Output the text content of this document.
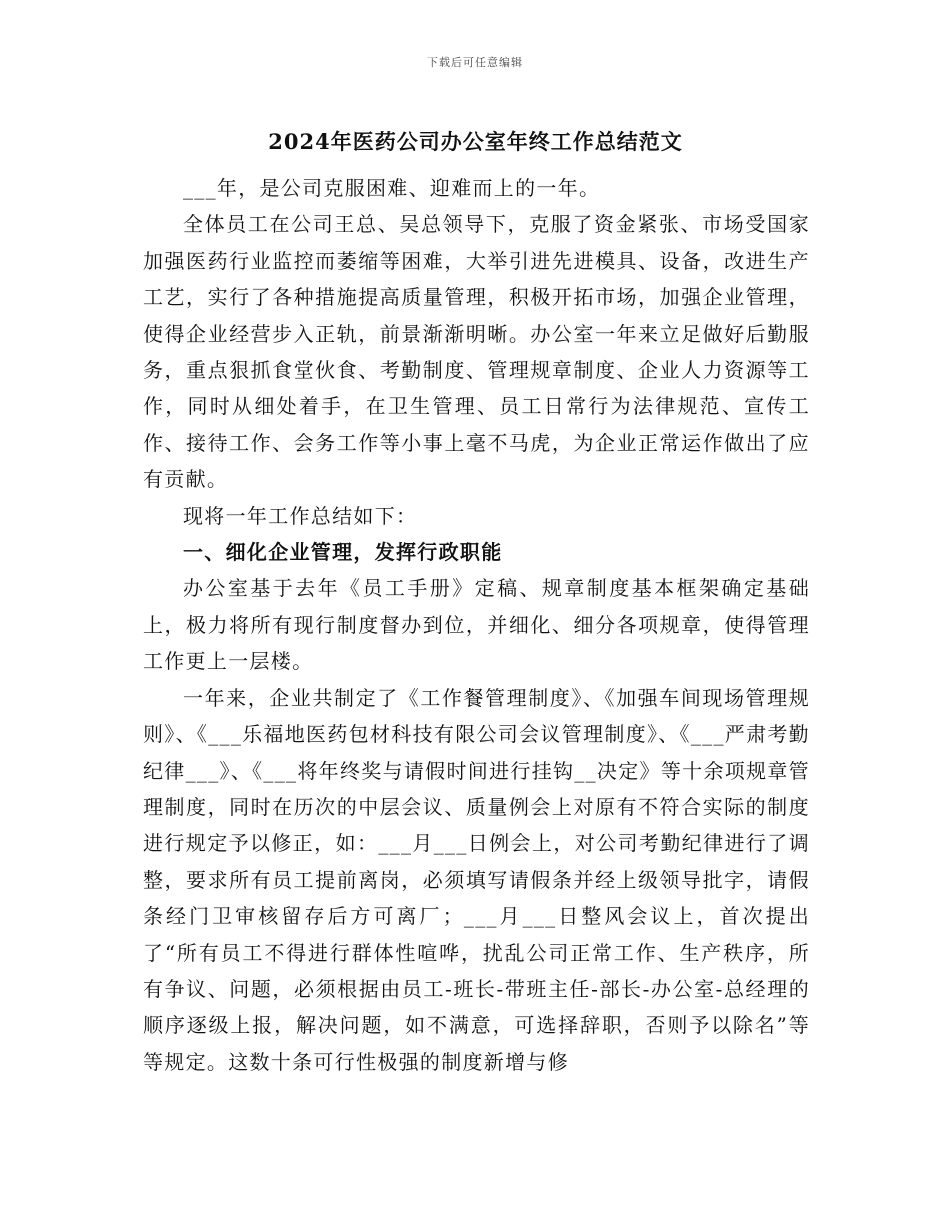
下载后可任意编辑
2024年医药公司办公室年终工作总结范文

___年，是公司克服困难、迎难而上的一年。

全体员工在公司王总、吴总领导下，克服了资金紧张、市场受国家加强医药行业监控而萎缩等困难，大举引进先进模具、设备，改进生产工艺，实行了各种措施提高质量管理，积极开拓市场，加强企业管理，使得企业经营步入正轨，前景渐渐明晰。办公室一年来立足做好后勤服务，重点狠抓食堂伙食、考勤制度、管理规章制度、企业人力资源等工作，同时从细处着手，在卫生管理、员工日常行为法律规范、宣传工作、接待工作、会务工作等小事上毫不马虎，为企业正常运作做出了应有贡献。

现将一年工作总结如下：

一、细化企业管理，发挥行政职能

办公室基于去年《员工手册》定稿、规章制度基本框架确定基础上，极力将所有现行制度督办到位，并细化、细分各项规章，使得管理工作更上一层楼。

一年来，企业共制定了《工作餐管理制度》、《加强车间现场管理规则》、《___乐福地医药包材科技有限公司会议管理制度》、《___严肃考勤纪律___》、《___将年终奖与请假时间进行挂钩__决定》等十余项规章管理制度，同时在历次的中层会议、质量例会上对原有不符合实际的制度进行规定予以修正，如：___月___日例会上，对公司考勤纪律进行了调整，要求所有员工提前离岗，必须填写请假条并经上级领导批字，请假条经门卫审核留存后方可离厂；___月___日整风会议上，首次提出了“所有员工不得进行群体性喧哗，扰乱公司正常工作、生产秩序，所有争议、问题，必须根据由员工-班长-带班主任-部长-办公室-总经理的顺序逐级上报，解决问题，如不满意，可选择辞职，否则予以除名”等等规定。这数十条可行性极强的制度新增与修
